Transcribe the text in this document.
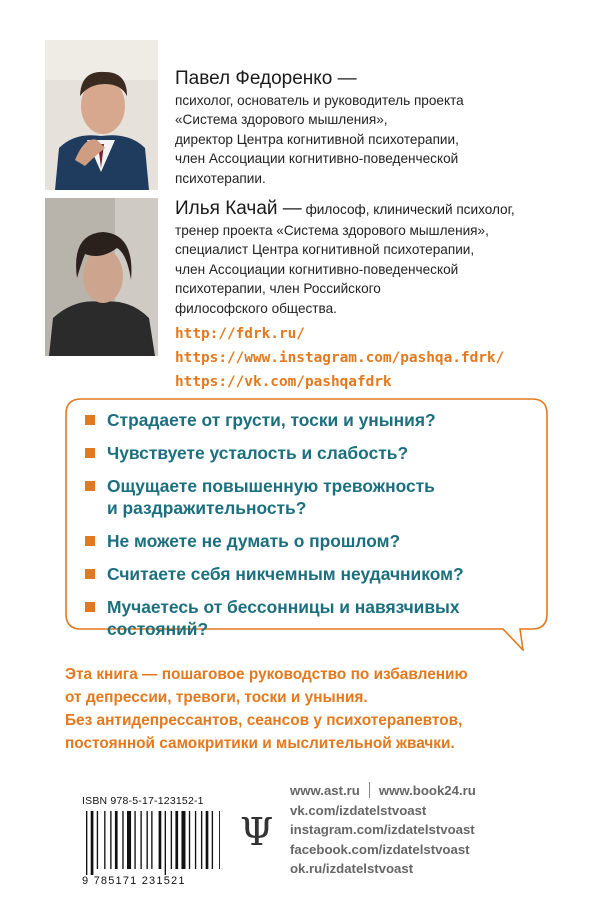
Павел Федоренко —
психолог, основатель и руководитель проекта
«Система здорового мышления»,
директор Центра когнитивной психотерапии,
член Ассоциации когнитивно-поведенческой
психотерапии.
Илья Качай — философ, клинический психолог,
тренер проекта «Система здорового мышления»,
специалист Центра когнитивной психотерапии,
член Ассоциации когнитивно-поведенческой
психотерапии, член Российского
философского общества.
http://fdrk.ru/
https://www.instagram.com/pashqa.fdrk/
https://vk.com/pashqafdrk
Страдаете от грусти, тоски и уныния?
Чувствуете усталость и слабость?
Ощущаете повышенную тревожность
и раздражительность?
Не можете не думать о прошлом?
Считаете себя никчемным неудачником?
Мучаетесь от бессонницы и навязчивых
состояний?
Эта книга — пошаговое руководство по избавлению
от депрессии, тревоги, тоски и уныния.
Без антидепрессантов, сеансов у психотерапевтов,
постоянной самокритики и мыслительной жвачки.
ISBN 978-5-17-123152-1
9 785171 231521
Ψ
www.ast.ru www.book24.ru
vk.com/izdatelstvoast
instagram.com/izdatelstvoast
facebook.com/izdatelstvoast
ok.ru/izdatelstvoast
